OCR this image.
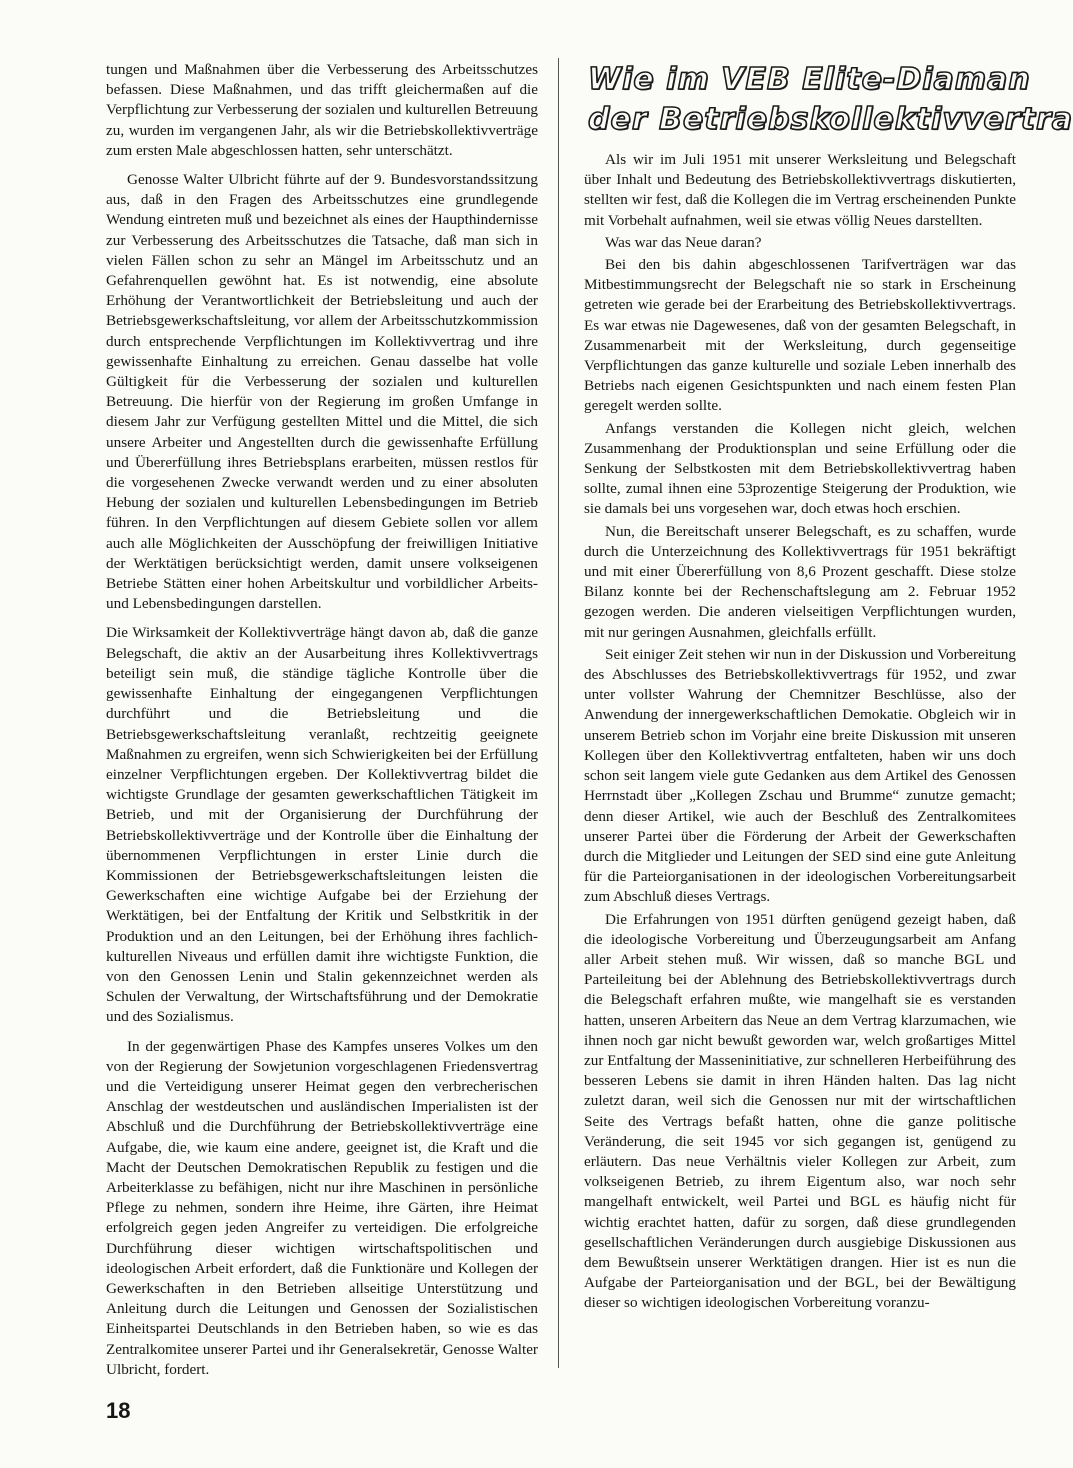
tungen und Maßnahmen über die Verbesserung des Arbeitsschutzes befassen. Diese Maßnahmen, und das trifft gleichermaßen auf die Verpflichtung zur Verbesserung der sozialen und kulturellen Betreuung zu, wurden im vergangenen Jahr, als wir die Betriebskollektivverträge zum ersten Male abgeschlossen hatten, sehr unterschätzt.

Genosse Walter Ulbricht führte auf der 9. Bundesvorstandssitzung aus, daß in den Fragen des Arbeitsschutzes eine grundlegende Wendung eintreten muß und bezeichnet als eines der Haupthindernisse zur Verbesserung des Arbeitsschutzes die Tatsache, daß man sich in vielen Fällen schon zu sehr an Mängel im Arbeitsschutz und an Gefahrenquellen gewöhnt hat. Es ist notwendig, eine absolute Erhöhung der Verantwortlichkeit der Betriebsleitung und auch der Betriebsgewerkschaftsleitung, vor allem der Arbeitsschutzkommission durch entsprechende Verpflichtungen im Kollektivvertrag und ihre gewissenhafte Einhaltung zu erreichen. Genau dasselbe hat volle Gültigkeit für die Verbesserung der sozialen und kulturellen Betreuung. Die hierfür von der Regierung im großen Umfange in diesem Jahr zur Verfügung gestellten Mittel und die Mittel, die sich unsere Arbeiter und Angestellten durch die gewissenhafte Erfüllung und Übererfüllung ihres Betriebsplans erarbeiten, müssen restlos für die vorgesehenen Zwecke verwandt werden und zu einer absoluten Hebung der sozialen und kulturellen Lebensbedingungen im Betrieb führen. In den Verpflichtungen auf diesem Gebiete sollen vor allem auch alle Möglichkeiten der Ausschöpfung der freiwilligen Initiative der Werktätigen berücksichtigt werden, damit unsere volkseigenen Betriebe Stätten einer hohen Arbeitskultur und vorbildlicher Arbeits- und Lebensbedingungen darstellen.

Die Wirksamkeit der Kollektivverträge hängt davon ab, daß die ganze Belegschaft, die aktiv an der Ausarbeitung ihres Kollektivvertrags beteiligt sein muß, die ständige tägliche Kontrolle über die gewissenhafte Einhaltung der eingegangenen Verpflichtungen durchführt und die Betriebsleitung und die Betriebsgewerkschaftsleitung veranlaßt, rechtzeitig geeignete Maßnahmen zu ergreifen, wenn sich Schwierigkeiten bei der Erfüllung einzelner Verpflichtungen ergeben. Der Kollektivvertrag bildet die wichtigste Grundlage der gesamten gewerkschaftlichen Tätigkeit im Betrieb, und mit der Organisierung der Durchführung der Betriebskollektivverträge und der Kontrolle über die Einhaltung der übernommenen Verpflichtungen in erster Linie durch die Kommissionen der Betriebsgewerkschaftsleitungen leisten die Gewerkschaften eine wichtige Aufgabe bei der Erziehung der Werktätigen, bei der Entfaltung der Kritik und Selbstkritik in der Produktion und an den Leitungen, bei der Erhöhung ihres fachlich-kulturellen Niveaus und erfüllen damit ihre wichtigste Funktion, die von den Genossen Lenin und Stalin gekennzeichnet werden als Schulen der Verwaltung, der Wirtschaftsführung und der Demokratie und des Sozialismus.

In der gegenwärtigen Phase des Kampfes unseres Volkes um den von der Regierung der Sowjetunion vorgeschlagenen Friedensvertrag und die Verteidigung unserer Heimat gegen den verbrecherischen Anschlag der westdeutschen und ausländischen Imperialisten ist der Abschluß und die Durchführung der Betriebskollektivverträge eine Aufgabe, die, wie kaum eine andere, geeignet ist, die Kraft und die Macht der Deutschen Demokratischen Republik zu festigen und die Arbeiterklasse zu befähigen, nicht nur ihre Maschinen in persönliche Pflege zu nehmen, sondern ihre Heime, ihre Gärten, ihre Heimat erfolgreich gegen jeden Angreifer zu verteidigen. Die erfolgreiche Durchführung dieser wichtigen wirtschaftspolitischen und ideologischen Arbeit erfordert, daß die Funktionäre und Kollegen der Gewerkschaften in den Betrieben allseitige Unterstützung und Anleitung durch die Leitungen und Genossen der Sozialistischen Einheitspartei Deutschlands in den Betrieben haben, so wie es das Zentralkomitee unserer Partei und ihr Generalsekretär, Genosse Walter Ulbricht, fordert.

Wie im VEB Elite-Diaman
der Betriebskollektivvertra

Als wir im Juli 1951 mit unserer Werksleitung und Belegschaft über Inhalt und Bedeutung des Betriebskollektivvertrags diskutierten, stellten wir fest, daß die Kollegen die im Vertrag erscheinenden Punkte mit Vorbehalt aufnahmen, weil sie etwas völlig Neues darstellten.

Was war das Neue daran?

Bei den bis dahin abgeschlossenen Tarifverträgen war das Mitbestimmungsrecht der Belegschaft nie so stark in Erscheinung getreten wie gerade bei der Erarbeitung des Betriebskollektivvertrags. Es war etwas nie Dagewesenes, daß von der gesamten Belegschaft, in Zusammenarbeit mit der Werksleitung, durch gegenseitige Verpflichtungen das ganze kulturelle und soziale Leben innerhalb des Betriebs nach eigenen Gesichtspunkten und nach einem festen Plan geregelt werden sollte.

Anfangs verstanden die Kollegen nicht gleich, welchen Zusammenhang der Produktionsplan und seine Erfüllung oder die Senkung der Selbstkosten mit dem Betriebskollektivvertrag haben sollte, zumal ihnen eine 53prozentige Steigerung der Produktion, wie sie damals bei uns vorgesehen war, doch etwas hoch erschien.

Nun, die Bereitschaft unserer Belegschaft, es zu schaffen, wurde durch die Unterzeichnung des Kollektivvertrags für 1951 bekräftigt und mit einer Übererfüllung von 8,6 Prozent geschafft. Diese stolze Bilanz konnte bei der Rechenschaftslegung am 2. Februar 1952 gezogen werden. Die anderen vielseitigen Verpflichtungen wurden, mit nur geringen Ausnahmen, gleichfalls erfüllt.

Seit einiger Zeit stehen wir nun in der Diskussion und Vorbereitung des Abschlusses des Betriebskollektivvertrags für 1952, und zwar unter vollster Wahrung der Chemnitzer Beschlüsse, also der Anwendung der innergewerkschaftlichen Demokatie. Obgleich wir in unserem Betrieb schon im Vorjahr eine breite Diskussion mit unseren Kollegen über den Kollektivvertrag entfalteten, haben wir uns doch schon seit langem viele gute Gedanken aus dem Artikel des Genossen Herrnstadt über „Kollegen Zschau und Brumme“ zunutze gemacht; denn dieser Artikel, wie auch der Beschluß des Zentralkomitees unserer Partei über die Förderung der Arbeit der Gewerkschaften durch die Mitglieder und Leitungen der SED sind eine gute Anleitung für die Parteiorganisationen in der ideologischen Vorbereitungsarbeit zum Abschluß dieses Vertrags.

Die Erfahrungen von 1951 dürften genügend gezeigt haben, daß die ideologische Vorbereitung und Überzeugungsarbeit am Anfang aller Arbeit stehen muß. Wir wissen, daß so manche BGL und Parteileitung bei der Ablehnung des Betriebskollektivvertrags durch die Belegschaft erfahren mußte, wie mangelhaft sie es verstanden hatten, unseren Arbeitern das Neue an dem Vertrag klarzumachen, wie ihnen noch gar nicht bewußt geworden war, welch großartiges Mittel zur Entfaltung der Masseninitiative, zur schnelleren Herbeiführung des besseren Lebens sie damit in ihren Händen halten. Das lag nicht zuletzt daran, weil sich die Genossen nur mit der wirtschaftlichen Seite des Vertrags befaßt hatten, ohne die ganze politische Veränderung, die seit 1945 vor sich gegangen ist, genügend zu erläutern. Das neue Verhältnis vieler Kollegen zur Arbeit, zum volkseigenen Betrieb, zu ihrem Eigentum also, war noch sehr mangelhaft entwickelt, weil Partei und BGL es häufig nicht für wichtig erachtet hatten, dafür zu sorgen, daß diese grundlegenden gesellschaftlichen Veränderungen durch ausgiebige Diskussionen aus dem Bewußtsein unserer Werktätigen drangen. Hier ist es nun die Aufgabe der Parteiorganisation und der BGL, bei der Bewältigung dieser so wichtigen ideologischen Vorbereitung voranzu-

18
